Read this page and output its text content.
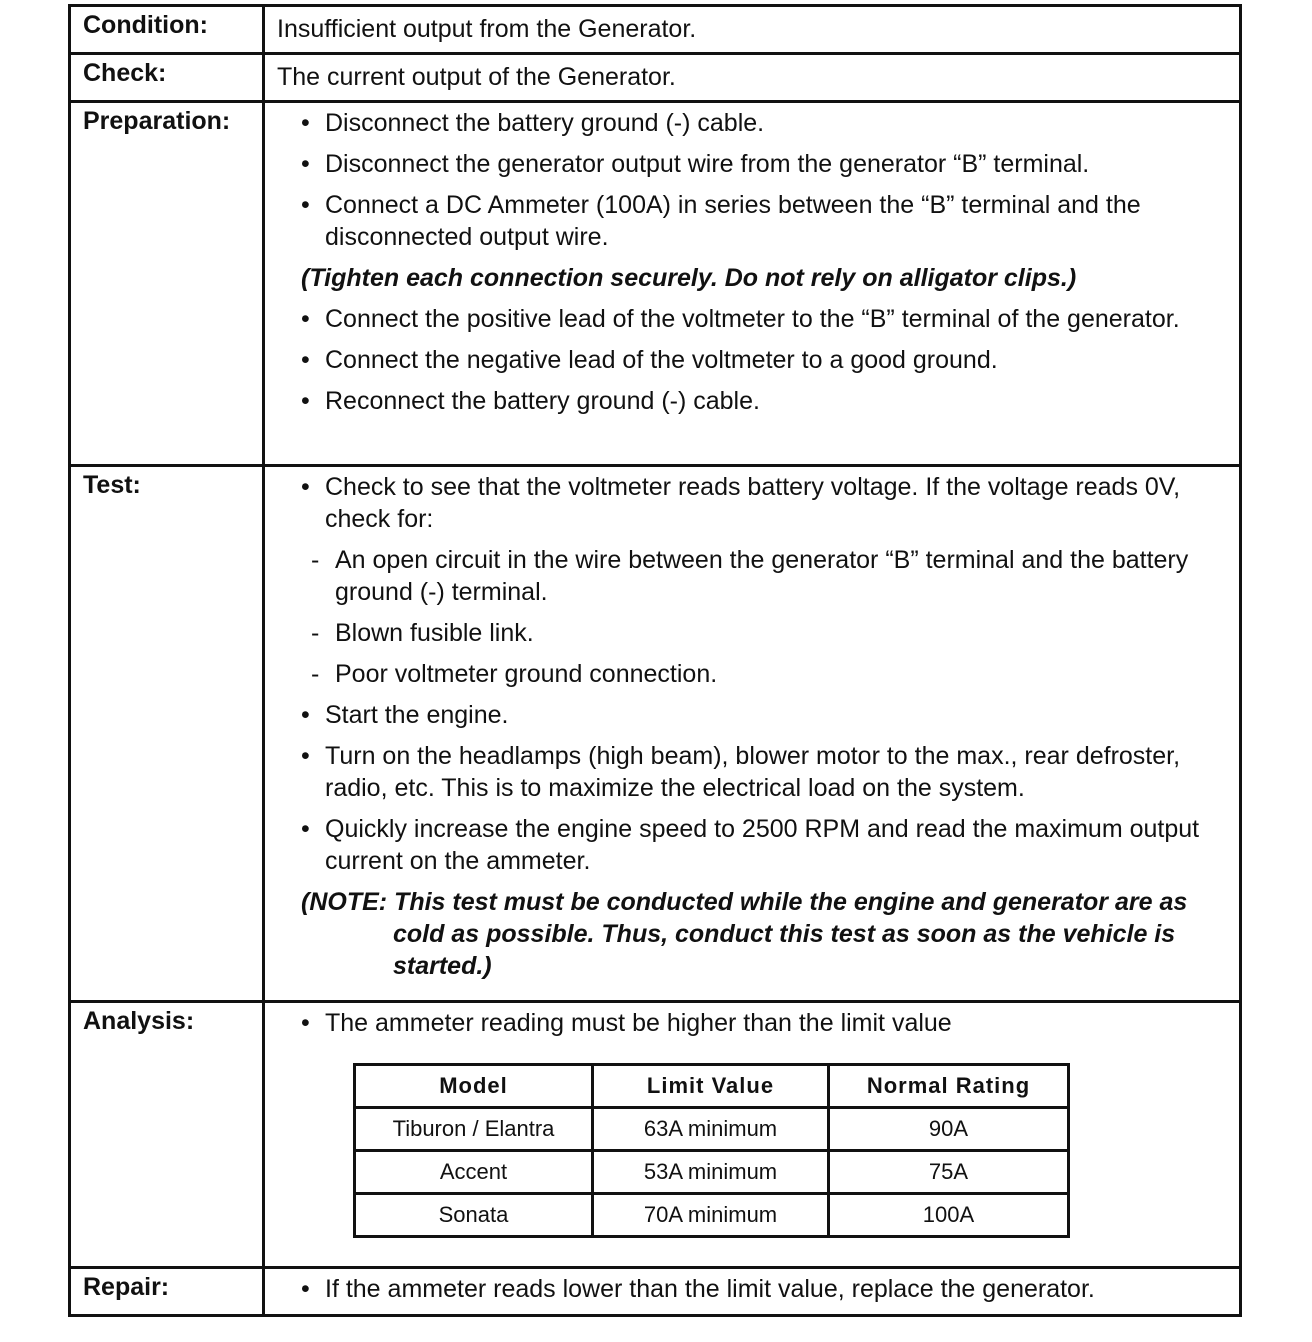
Condition:	Insufficient output from the Generator.

Check:	The current output of the Generator.

Preparation:	
•Disconnect the battery ground (-) cable.
• Disconnect the generator output wire from the generator “B” terminal.
• Connect a DC Ammeter (100A) in series between the “B” terminal and the disconnected output wire.
(Tighten each connection securely. Do not rely on alligator clips.)
• Connect the positive lead of the voltmeter to the “B” terminal of the generator.
• Connect the negative lead of the voltmeter to a good ground.
• Reconnect the battery ground (-) cable.

Test:	
•Check to see that the voltmeter reads battery voltage. If the voltage reads 0V, check for:
- An open circuit in the wire between the generator “B” terminal and the battery ground (-) terminal.
- Blown fusible link.
- Poor voltmeter ground connection.
• Start the engine.
• Turn on the headlamps (high beam), blower motor to the max., rear defroster, radio, etc. This is to maximize the electrical load on the system.
• Quickly increase the engine speed to 2500 RPM and read the maximum output current on the ammeter.
(NOTE: This test must be conducted while the engine and generator are as cold as possible. Thus, conduct this test as soon as the vehicle is started.)

Analysis:	
•The ammeter reading must be higher than the limit value
Model	Limit Value	Normal Rating
Tiburon / Elantra	63A minimum	90A
Accent	53A minimum	75A
Sonata	70A minimum	100A

Repair:	
•If the ammeter reads lower than the limit value, replace the generator.
